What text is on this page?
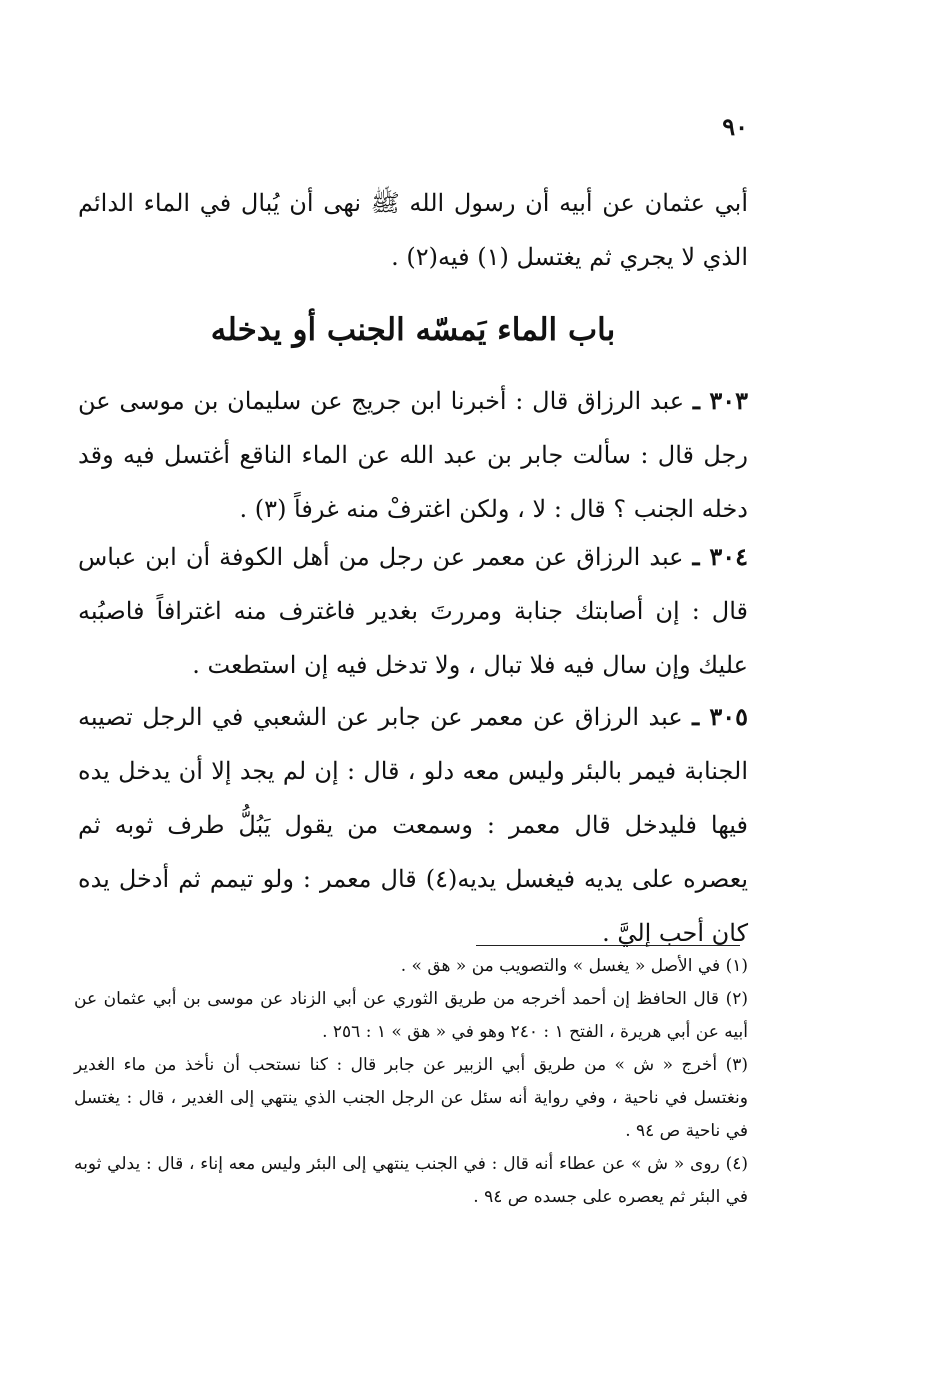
٩٠
أبي عثمان عن أبيه أن رسول الله ﷺ نهى أن يُبال في الماء الدائم الذي لا يجري ثم يغتسل (١) فيه(٢) .
باب الماء يَمسّه الجنب أو يدخله
٣٠٣ ـ عبد الرزاق قال : أخبرنا ابن جريج عن سليمان بن موسى عن رجل قال : سألت جابر بن عبد الله عن الماء الناقع أغتسل فيه وقد دخله الجنب ؟ قال : لا ، ولكن اغترفْ منه غرفاً (٣) .
٣٠٤ ـ عبد الرزاق عن معمر عن رجل من أهل الكوفة أن ابن عباس قال : إن أصابتك جنابة ومررتَ بغدير فاغترف منه اغترافاً فاصبُبه عليك وإن سال فيه فلا تبال ، ولا تدخل فيه إن استطعت .
٣٠٥ ـ عبد الرزاق عن معمر عن جابر عن الشعبي في الرجل تصيبه الجنابة فيمر بالبئر وليس معه دلو ، قال : إن لم يجد إلا أن يدخل يده فيها فليدخل قال معمر : وسمعت من يقول يَبُلُّ طرف ثوبه ثم يعصره على يديه فيغسل يديه(٤) قال معمر : ولو تيمم ثم أدخل يده كان أحب إليَّ .

(١) في الأصل « يغسل » والتصويب من « هق » .

(٢) قال الحافظ إن أحمد أخرجه من طريق الثوري عن أبي الزناد عن موسى بن أبي عثمان عن أبيه عن أبي هريرة ، الفتح ١ : ٢٤٠ وهو في « هق » ١ : ٢٥٦ .

(٣) أخرج « ش » من طريق أبي الزبير عن جابر قال : كنا نستحب أن نأخذ من ماء الغدير ونغتسل في ناحية ، وفي رواية أنه سئل عن الرجل الجنب الذي ينتهي إلى الغدير ، قال : يغتسل في ناحية ص ٩٤ .

(٤) روى « ش » عن عطاء أنه قال : في الجنب ينتهي إلى البئر وليس معه إناء ، قال : يدلي ثوبه في البئر ثم يعصره على جسده ص ٩٤ .
